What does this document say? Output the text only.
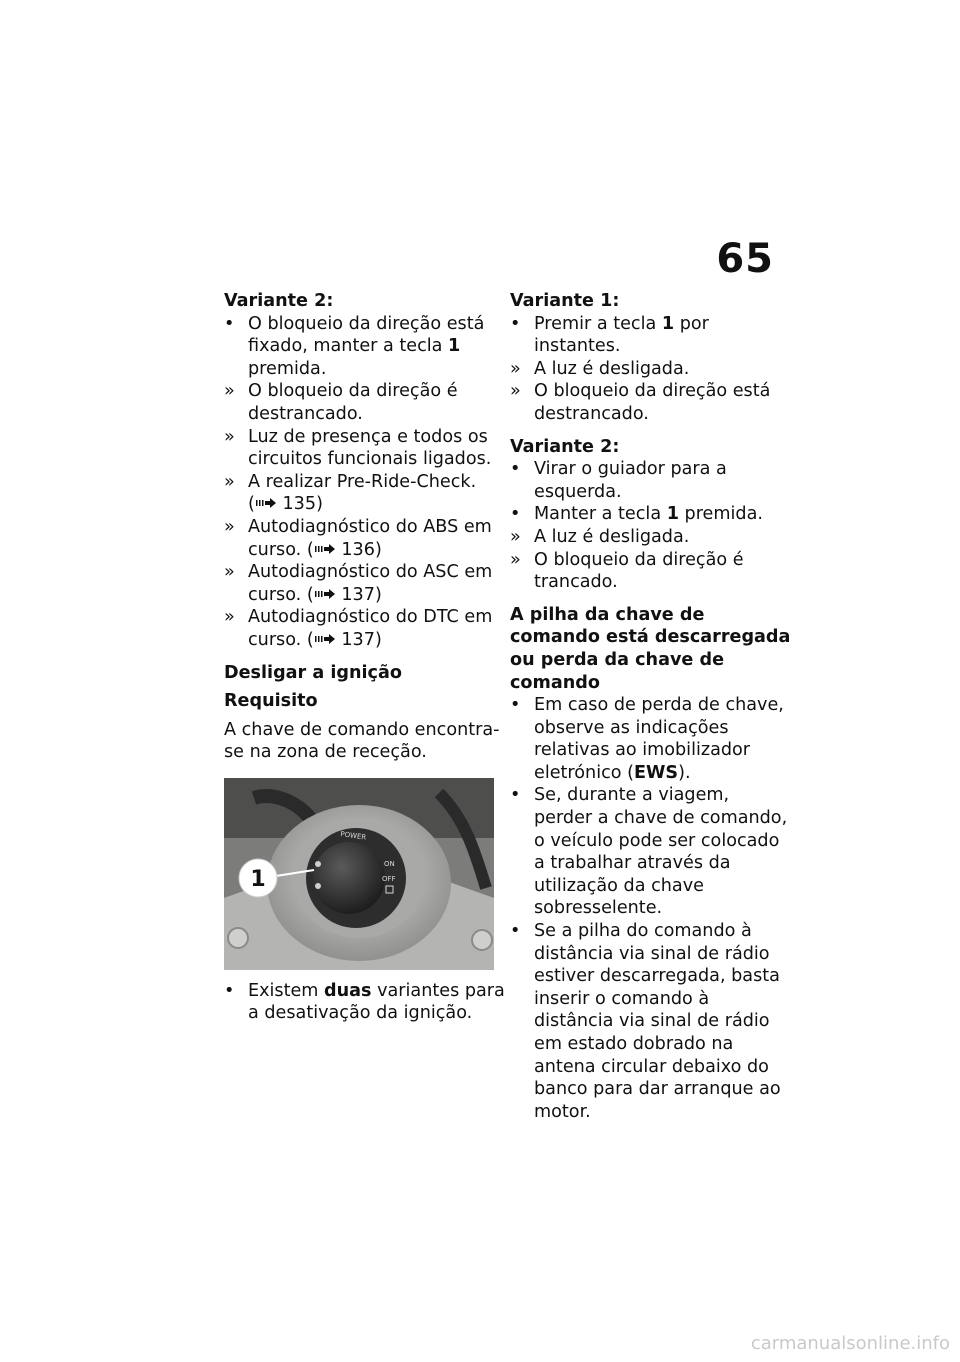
65

Variante 2:

• O bloqueio da direção está fixado, manter a tecla 1 premida.

» O bloqueio da direção é destrancado.

» Luz de presença e todos os circuitos funcionais ligados.

» A realizar Pre-Ride-Check. ( 135)

» Autodiagnóstico do ABS em curso. ( 136)

» Autodiagnóstico do ASC em curso. ( 137)

» Autodiagnóstico do DTC em curso. ( 137)

Desligar a ignição

Requisito

A chave de comando encontra-se na zona de receção.

POWER
ON
OFF
1

• Existem duas variantes para a desativação da ignição.

Variante 1:

• Premir a tecla 1 por instantes.

» A luz é desligada.

» O bloqueio da direção está destrancado.

Variante 2:

• Virar o guiador para a esquerda.

• Manter a tecla 1 premida.

» A luz é desligada.

» O bloqueio da direção é trancado.

A pilha da chave de comando está descarregada ou perda da chave de comando

• Em caso de perda de chave, observe as indicações relativas ao imobilizador eletrónico (EWS).

• Se, durante a viagem, perder a chave de comando, o veículo pode ser colocado a trabalhar através da utilização da chave sobresselente.

• Se a pilha do comando à distância via sinal de rádio estiver descarregada, basta inserir o comando à distância via sinal de rádio em estado dobrado na antena circular debaixo do banco para dar arranque ao motor.

carmanualsonline.info
